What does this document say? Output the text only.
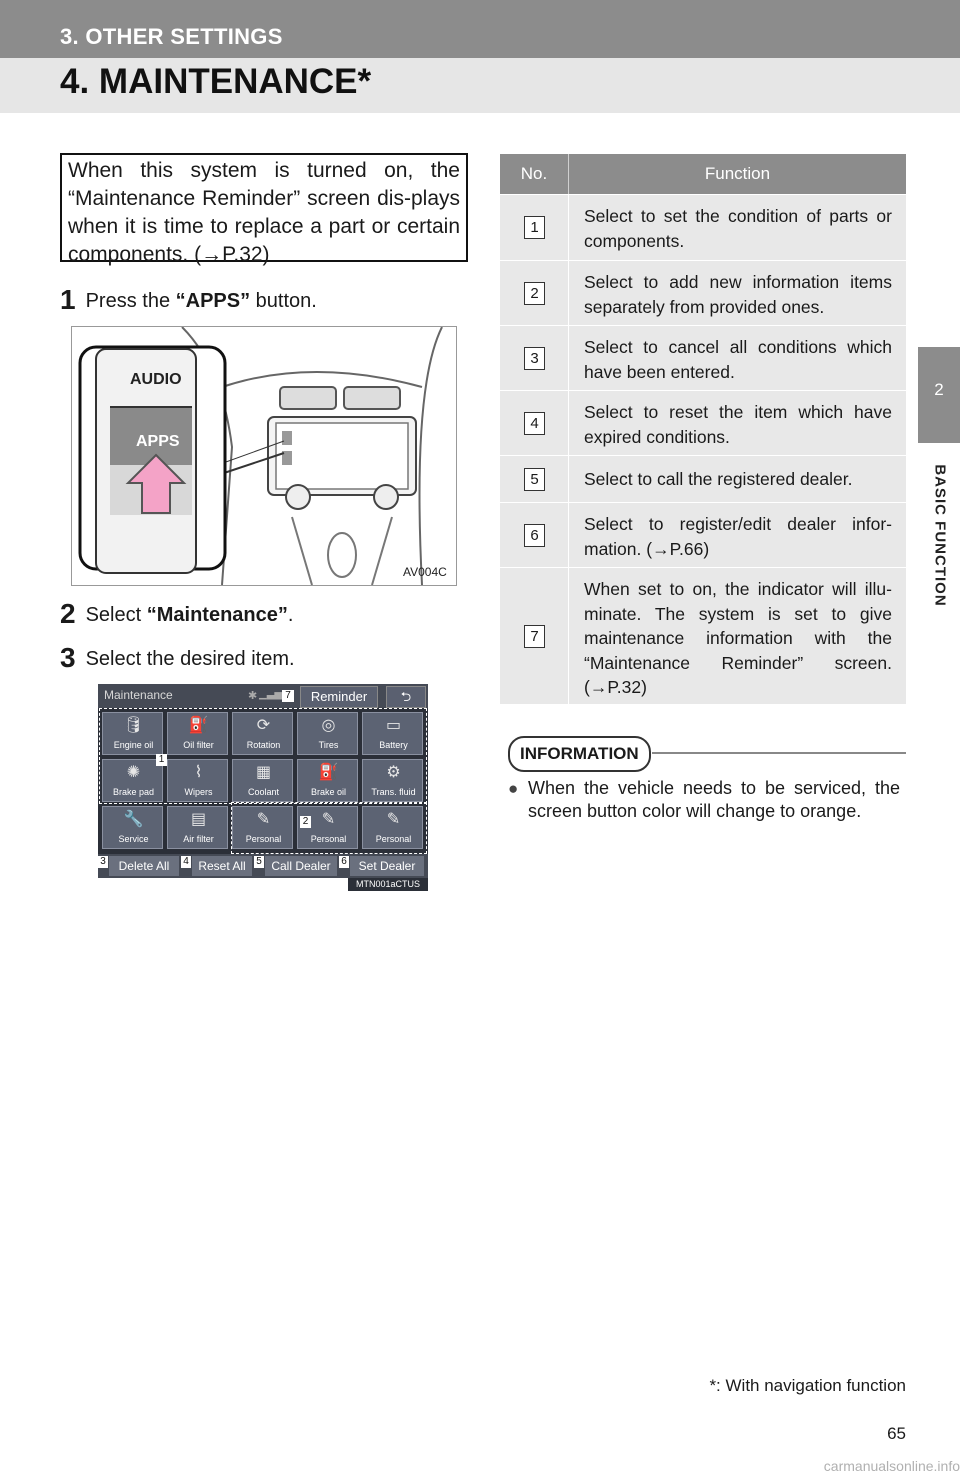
3. OTHER SETTINGS
4. MAINTENANCE*
2
BASIC FUNCTION

When this system is turned on, the “Maintenance Reminder” screen dis-plays when it is time to replace a part or certain components. (→P.32)

1 Press the “APPS” button.
AUDIO
APPS
AV004C
2 Select “Maintenance”.
3 Select the desired item.
Maintenance	✱ ▁▃▅ 7	Reminder	⮌
🛢
Engine oil
⛽
Oil filter
⟳
Rotation
◎
Tires
▭
Battery
✺
Brake pad
⌇
Wipers
▦
Coolant
⛽
Brake oil
⚙
Trans. fluid
🔧
Service
▤
Air filter
✎
Personal
✎
Personal
✎
Personal
3	Delete All	4 Reset All	5 Call Dealer	6 Set Dealer
MTN001aCTUS
1
2
No.	Function
1
Select to set the condition of parts or components.
2
Select to add new information items separately from provided ones.
3
Select to cancel all conditions which have been entered.
4
Select to reset the item which have expired conditions.
5	Select to call the registered dealer.
6
Select to register/edit dealer infor-mation. (→P.66)
7
When set to on, the indicator will illu-minate. The system is set to give maintenance information with the “Maintenance Reminder” screen. (→P.32)
INFORMATION
● When the vehicle needs to be serviced, the screen button color will change to orange.
*: With navigation function
65
carmanualsonline.info
